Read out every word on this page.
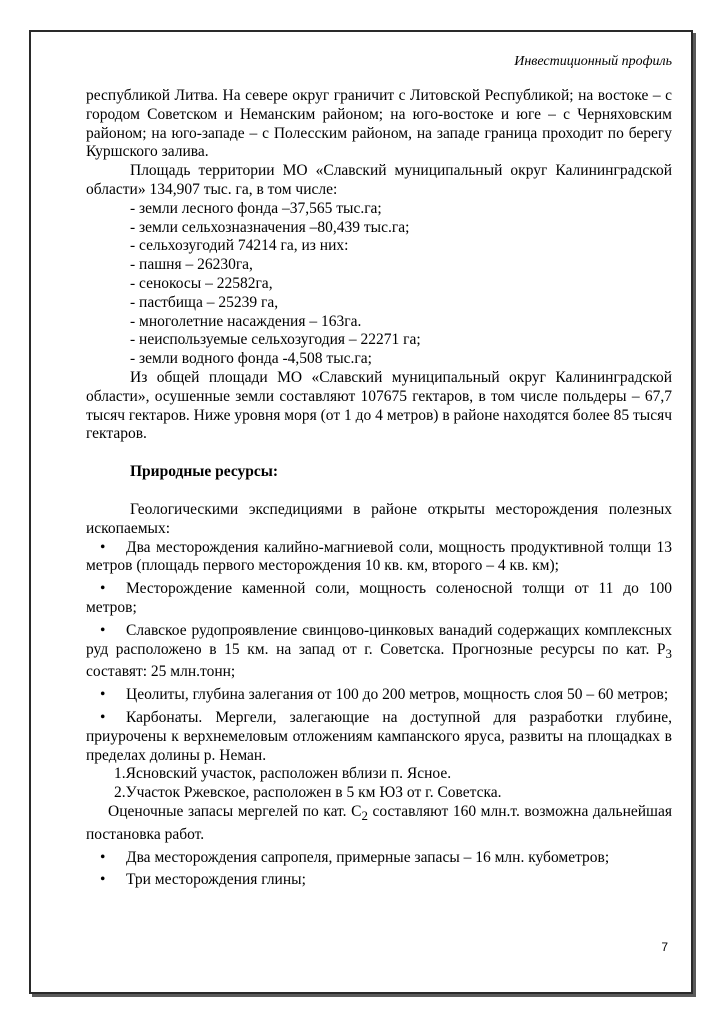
Инвестиционный профиль

республикой Литва. На севере округ граничит с Литовской Республикой; на востоке – с городом Советском и Неманским районом; на юго-востоке и юге – с Черняховским районом; на юго-западе – с Полесским районом, на западе граница проходит по берегу Куршского залива.

Площадь территории МО «Славский муниципальный округ Калининградской области» 134,907 тыс. га, в том числе:

- земли лесного фонда –37,565 тыс.га;

- земли сельхозназначения –80,439 тыс.га;

- сельхозугодий 74214 га, из них:

- пашня – 26230га,

- сенокосы – 22582га,

- пастбища – 25239 га,

- многолетние насаждения – 163га.

- неиспользуемые сельхозугодия – 22271 га;

- земли водного фонда -4,508 тыс.га;

Из общей площади МО «Славский муниципальный округ Калининградской области», осушенные земли составляют 107675 гектаров, в том числе польдеры – 67,7 тысяч гектаров. Ниже уровня моря (от 1 до 4 метров) в районе находятся более 85 тысяч гектаров.

Природные ресурсы:

Геологическими экспедициями в районе открыты месторождения полезных ископаемых:

• Два месторождения калийно-магниевой соли, мощность продуктивной толщи 13 метров (площадь первого месторождения 10 кв. км, второго – 4 кв. км);

• Месторождение каменной соли, мощность соленосной толщи от 11 до 100 метров;

• Славское рудопроявление свинцово-цинковых ванадий содержащих комплексных руд расположено в 15 км. на запад от г. Советска. Прогнозные ресурсы по кат. $P_3$ составят: 25 млн.тонн;

• Цеолиты, глубина залегания от 100 до 200 метров, мощность слоя 50 – 60 метров;

• Карбонаты. Мергели, залегающие на доступной для разработки глубине, приурочены к верхнемеловым отложениям кампанского яруса, развиты на площадках в пределах долины р. Неман.

1.Ясновский участок, расположен вблизи п. Ясное.

2.Участок Ржевское, расположен в 5 км ЮЗ от г. Советска.

Оценочные запасы мергелей по кат. $С_2$ составляют 160 млн.т. возможна дальнейшая постановка работ.

• Два месторождения сапропеля, примерные запасы – 16 млн. кубометров;

• Три месторождения глины;

7
